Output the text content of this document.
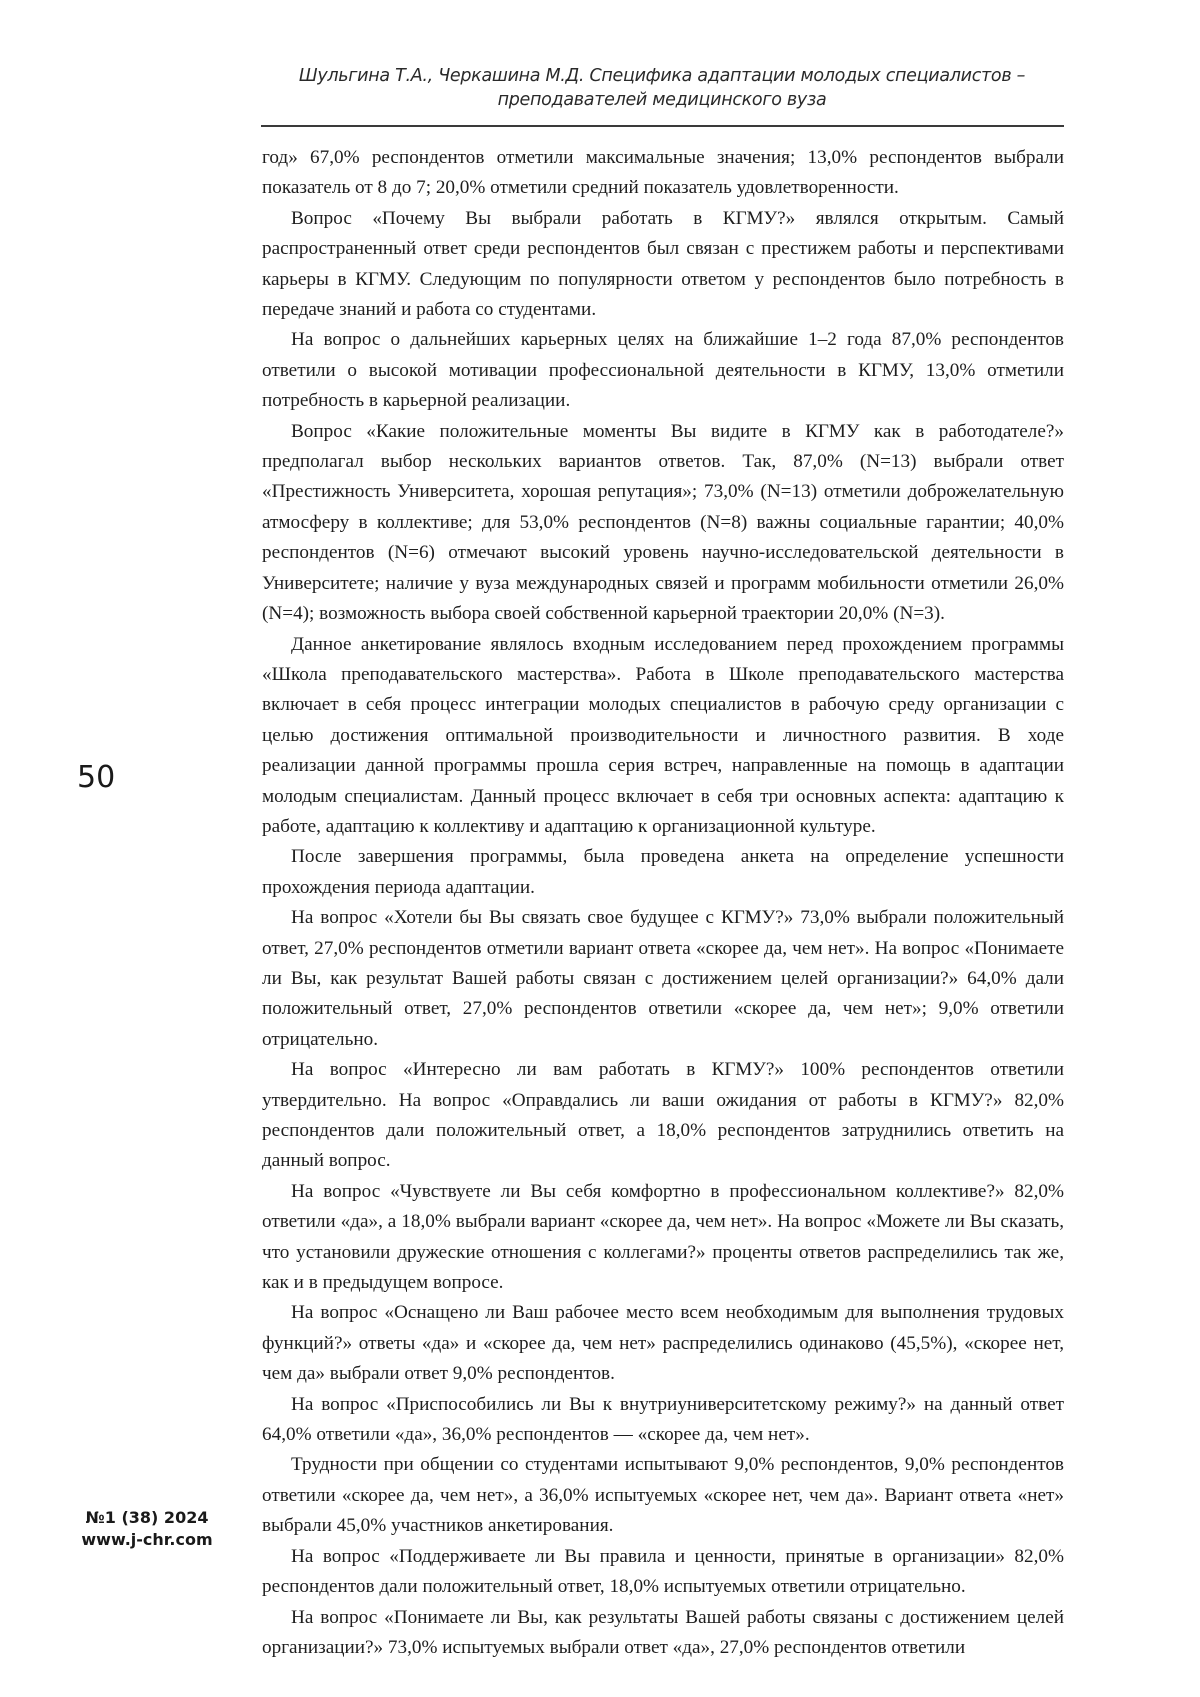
Шульгина Т.А., Черкашина М.Д. Специфика адаптации молодых специалистов – преподавателей медицинского вуза
50
№1 (38) 2024
www.j-chr.com

год» 67,0% респондентов отметили максимальные значения; 13,0% респондентов выбрали показатель от 8 до 7; 20,0% отметили средний показатель удовлетворенности.

Вопрос «Почему Вы выбрали работать в КГМУ?» являлся открытым. Самый распространенный ответ среди респондентов был связан с престижем работы и перспективами карьеры в КГМУ. Следующим по популярности ответом у респондентов было потребность в передаче знаний и работа со студентами.

На вопрос о дальнейших карьерных целях на ближайшие 1–2 года 87,0% респондентов ответили о высокой мотивации профессиональной деятельности в КГМУ, 13,0% отметили потребность в карьерной реализации.

Вопрос «Какие положительные моменты Вы видите в КГМУ как в работодателе?» предполагал выбор нескольких вариантов ответов. Так, 87,0% (N=13) выбрали ответ «Престижность Университета, хорошая репутация»; 73,0% (N=13) отметили доброжелательную атмосферу в коллективе; для 53,0% респондентов (N=8) важны социальные гарантии; 40,0% респондентов (N=6) отмечают высокий уровень научно-исследовательской деятельности в Университете; наличие у вуза международных связей и программ мобильности отметили 26,0% (N=4); возможность выбора своей собственной карьерной траектории 20,0% (N=3).

Данное анкетирование являлось входным исследованием перед прохождением программы «Школа преподавательского мастерства». Работа в Школе преподавательского мастерства включает в себя процесс интеграции молодых специалистов в рабочую среду организации с целью достижения оптимальной производительности и личностного развития. В ходе реализации данной программы прошла серия встреч, направленные на помощь в адаптации молодым специалистам. Данный процесс включает в себя три основных аспекта: адаптацию к работе, адаптацию к коллективу и адаптацию к организационной культуре.

После завершения программы, была проведена анкета на определение успешности прохождения периода адаптации.

На вопрос «Хотели бы Вы связать свое будущее с КГМУ?» 73,0% выбрали положительный ответ, 27,0% респондентов отметили вариант ответа «скорее да, чем нет». На вопрос «Понимаете ли Вы, как результат Вашей работы связан с достижением целей организации?» 64,0% дали положительный ответ, 27,0% респондентов ответили «скорее да, чем нет»; 9,0% ответили отрицательно.

На вопрос «Интересно ли вам работать в КГМУ?» 100% респондентов ответили утвердительно. На вопрос «Оправдались ли ваши ожидания от работы в КГМУ?» 82,0% респондентов дали положительный ответ, а 18,0% респондентов затруднились ответить на данный вопрос.

На вопрос «Чувствуете ли Вы себя комфортно в профессиональном коллективе?» 82,0% ответили «да», а 18,0% выбрали вариант «скорее да, чем нет». На вопрос «Можете ли Вы сказать, что установили дружеские отношения с коллегами?» проценты ответов распределились так же, как и в предыдущем вопросе.

На вопрос «Оснащено ли Ваш рабочее место всем необходимым для выполнения трудовых функций?» ответы «да» и «скорее да, чем нет» распределились одинаково (45,5%), «скорее нет, чем да» выбрали ответ 9,0% респондентов.

На вопрос «Приспособились ли Вы к внутриуниверситетскому режиму?» на данный ответ 64,0% ответили «да», 36,0% респондентов — «скорее да, чем нет».

Трудности при общении со студентами испытывают 9,0% респондентов, 9,0% респондентов ответили «скорее да, чем нет», а 36,0% испытуемых «скорее нет, чем да». Вариант ответа «нет» выбрали 45,0% участников анкетирования.

На вопрос «Поддерживаете ли Вы правила и ценности, принятые в организации» 82,0% респондентов дали положительный ответ, 18,0% испытуемых ответили отрицательно.

На вопрос «Понимаете ли Вы, как результаты Вашей работы связаны с достижением целей организации?» 73,0% испытуемых выбрали ответ «да», 27,0% респондентов ответили
